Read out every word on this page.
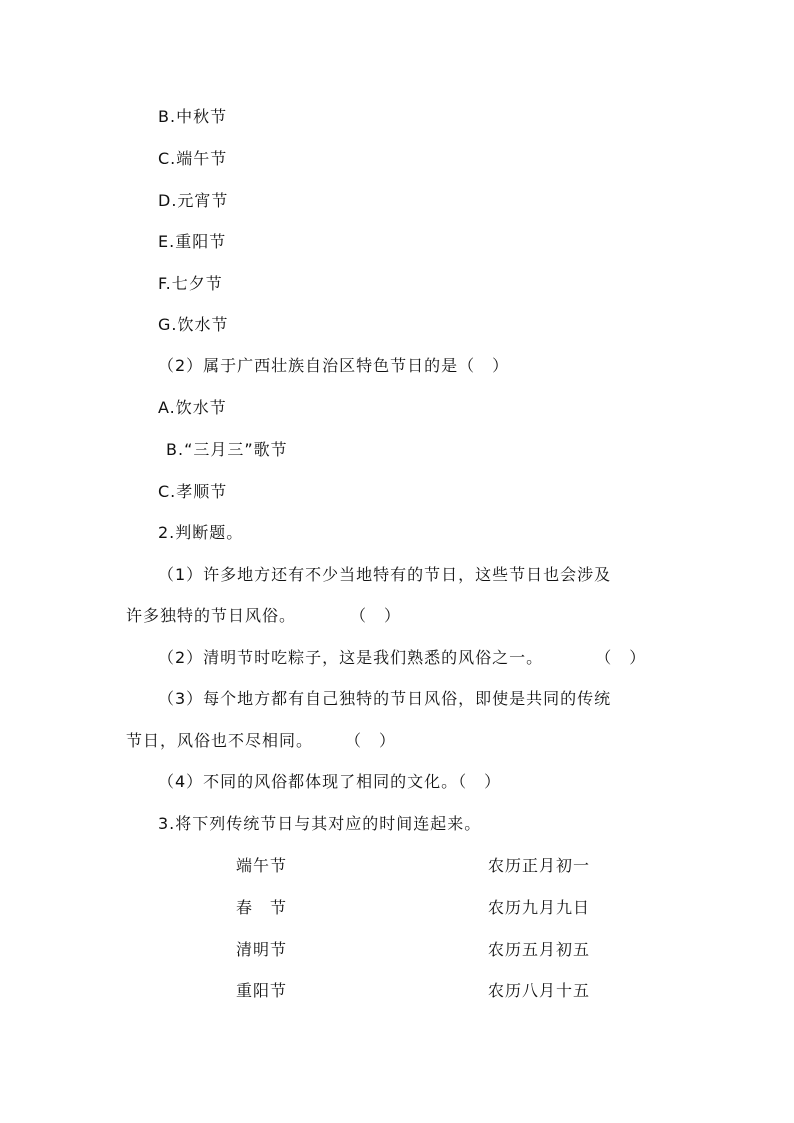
B.中秋节
C.端午节
D.元宵节
E.重阳节
F.七夕节
G.饮水节
（2）属于广西壮族自治区特色节日的是（　）
A.饮水节
B.“三月三”歌节
C.孝顺节
2.判断题。
（1）许多地方还有不少当地特有的节日，这些节日也会涉及
许多独特的节日风俗。	（　）
（2）清明节时吃粽子，这是我们熟悉的风俗之一。	（　）
（3）每个地方都有自己独特的节日风俗，即使是共同的传统
节日，风俗也不尽相同。 （　）
（4）不同的风俗都体现了相同的文化。（　）
3.将下列传统节日与其对应的时间连起来。
端午节
春　节
清明节
重阳节
农历正月初一
农历九月九日
农历五月初五
农历八月十五
